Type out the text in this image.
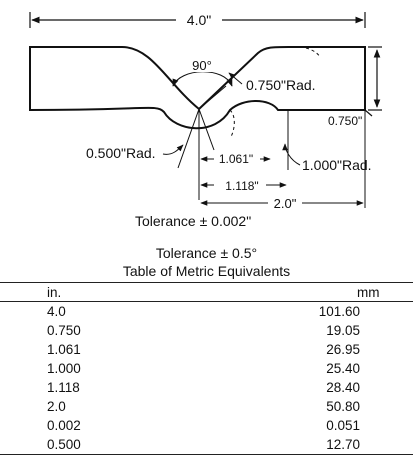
4.0"
90°
0.750"Rad.
0.750"
0.500"Rad.	1.061"	1.000"Rad.
1.118"
2.0"
Tolerance ± 0.002"
Tolerance ± 0.5°
Table of Metric Equivalents
in.	mm
4.0	101.60
0.750	19.05
1.061	26.95
1.000	25.40
1.118	28.40
2.0	50.80
0.002	0.051
0.500	12.70
